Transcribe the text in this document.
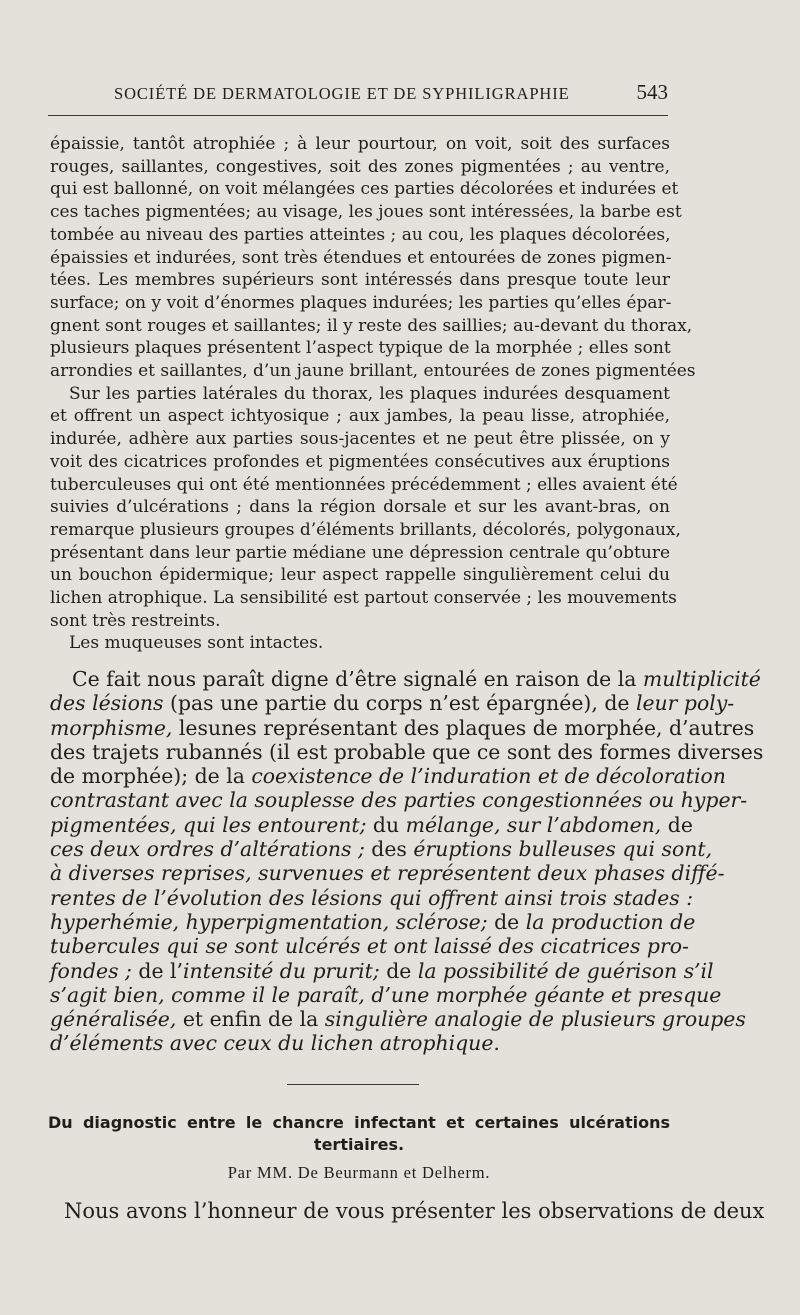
SOCIÉTÉ DE DERMATOLOGIE ET DE SYPHILIGRAPHIE	543
épaissie, tantôt atrophiée ; à leur pourtour, on voit, soit des surfaces
rouges, saillantes, congestives, soit des zones pigmentées ; au ventre,
qui est ballonné, on voit mélangées ces parties décolorées et indurées et
ces taches pigmentées; au visage, les joues sont intéressées, la barbe est
tombée au niveau des parties atteintes ; au cou, les plaques décolorées,
épaissies et indurées, sont très étendues et entourées de zones pigmen-
tées. Les membres supérieurs sont intéressés dans presque toute leur
surface; on y voit d’énormes plaques indurées; les parties qu’elles épar-
gnent sont rouges et saillantes; il y reste des saillies; au-devant du thorax,
plusieurs plaques présentent l’aspect typique de la morphée ; elles sont
arrondies et saillantes, d’un jaune brillant, entourées de zones pigmentées
Sur les parties latérales du thorax, les plaques indurées desquament
et offrent un aspect ichtyosique ; aux jambes, la peau lisse, atrophiée,
indurée, adhère aux parties sous-jacentes et ne peut être plissée, on y
voit des cicatrices profondes et pigmentées consécutives aux éruptions
tuberculeuses qui ont été mentionnées précédemment ; elles avaient été
suivies d’ulcérations ; dans la région dorsale et sur les avant-bras, on
remarque plusieurs groupes d’éléments brillants, décolorés, polygonaux,
présentant dans leur partie médiane une dépression centrale qu’obture
un bouchon épidermique; leur aspect rappelle singulièrement celui du
lichen atrophique. La sensibilité est partout conservée ; les mouvements
sont très restreints.
Les muqueuses sont intactes.
Ce fait nous paraît digne d’être signalé en raison de la multiplicité
des lésions (pas une partie du corps n’est épargnée), de leur poly-
morphisme, lesunes représentant des plaques de morphée, d’autres
des trajets rubannés (il est probable que ce sont des formes diverses
de morphée); de la coexistence de l’induration et de décoloration
contrastant avec la souplesse des parties congestionnées ou hyper-
pigmentées, qui les entourent; du mélange, sur l’abdomen, de
ces deux ordres d’altérations ; des éruptions bulleuses qui sont,
à diverses reprises, survenues et représentent deux phases diffé-
rentes de l’évolution des lésions qui offrent ainsi trois stades :
hyperhémie, hyperpigmentation, sclérose; de la production de
tubercules qui se sont ulcérés et ont laissé des cicatrices pro-
fondes ; de l’intensité du prurit; de la possibilité de guérison s’il
s’agit bien, comme il le paraît, d’une morphée géante et presque
généralisée, et enfin de la singulière analogie de plusieurs groupes
d’éléments avec ceux du lichen atrophique.
Du diagnostic entre le chancre infectant et certaines ulcérations
tertiaires.
Par MM. De Beurmann et Delherm.
Nous avons l’honneur de vous présenter les observations de deux
